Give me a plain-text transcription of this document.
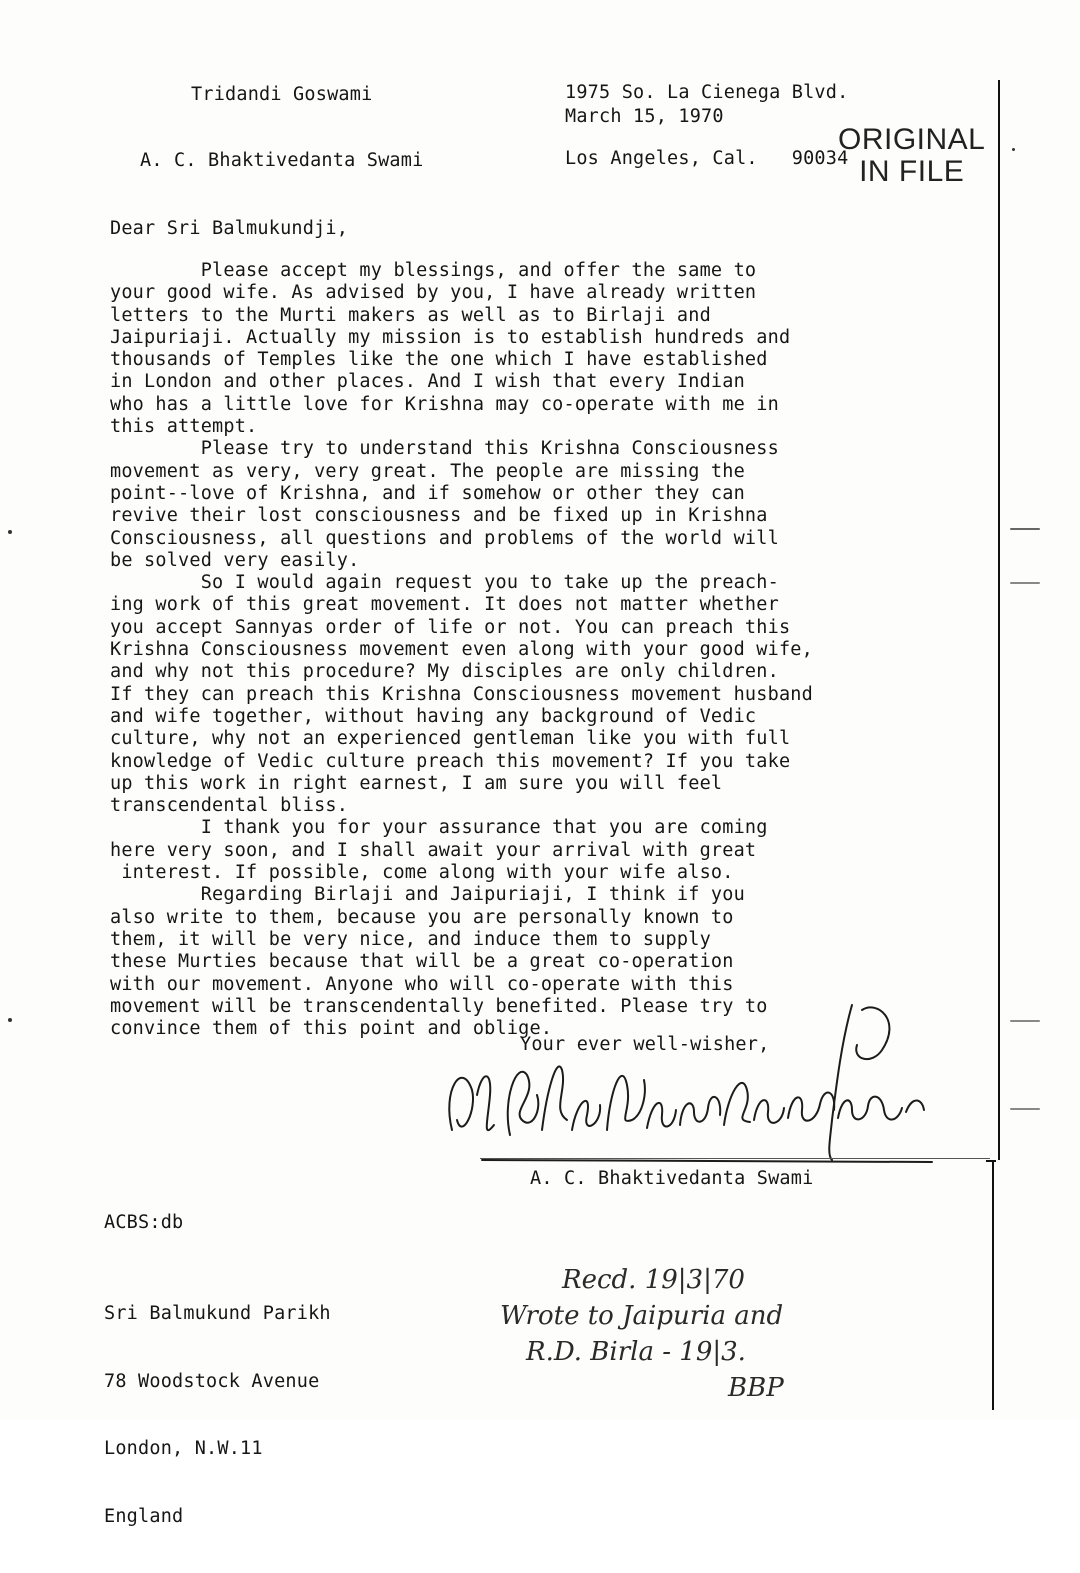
Tridandi Goswami

A. C. Bhaktivedanta Swami

1975 So. La Cienega Blvd.

Los Angeles, Cal.   90034

March 15, 1970
ORIGINAL
IN FILE
Dear Sri Balmukundji,
Please accept my blessings, and offer the same to
your good wife. As advised by you, I have already written
letters to the Murti makers as well as to Birlaji and
Jaipuriaji. Actually my mission is to establish hundreds and
thousands of Temples like the one which I have established
in London and other places. And I wish that every Indian
who has a little love for Krishna may co-operate with me in
this attempt.
Please try to understand this Krishna Consciousness
movement as very, very great. The people are missing the
point--love of Krishna, and if somehow or other they can
revive their lost consciousness and be fixed up in Krishna
Consciousness, all questions and problems of the world will
be solved very easily.
So I would again request you to take up the preach-
ing work of this great movement. It does not matter whether
you accept Sannyas order of life or not. You can preach this
Krishna Consciousness movement even along with your good wife,
and why not this procedure? My disciples are only children.
If they can preach this Krishna Consciousness movement husband
and wife together, without having any background of Vedic
culture, why not an experienced gentleman like you with full
knowledge of Vedic culture preach this movement? If you take
up this work in right earnest, I am sure you will feel
transcendental bliss.
I thank you for your assurance that you are coming
here very soon, and I shall await your arrival with great
interest. If possible, come along with your wife also.
Regarding Birlaji and Jaipuriaji, I think if you
also write to them, because you are personally known to
them, it will be very nice, and induce them to supply
these Murties because that will be a great co-operation
with our movement. Anyone who will co-operate with this
movement will be transcendentally benefited. Please try to
convince them of this point and oblige.
Your ever well-wisher,
A. C. Bhaktivedanta Swami
ACBS:db

Sri Balmukund Parikh

78 Woodstock Avenue

London, N.W.11

England

Recd. 19|3|70
Wrote to Jaipuria and
R.D. Birla - 19|3.
BBP
